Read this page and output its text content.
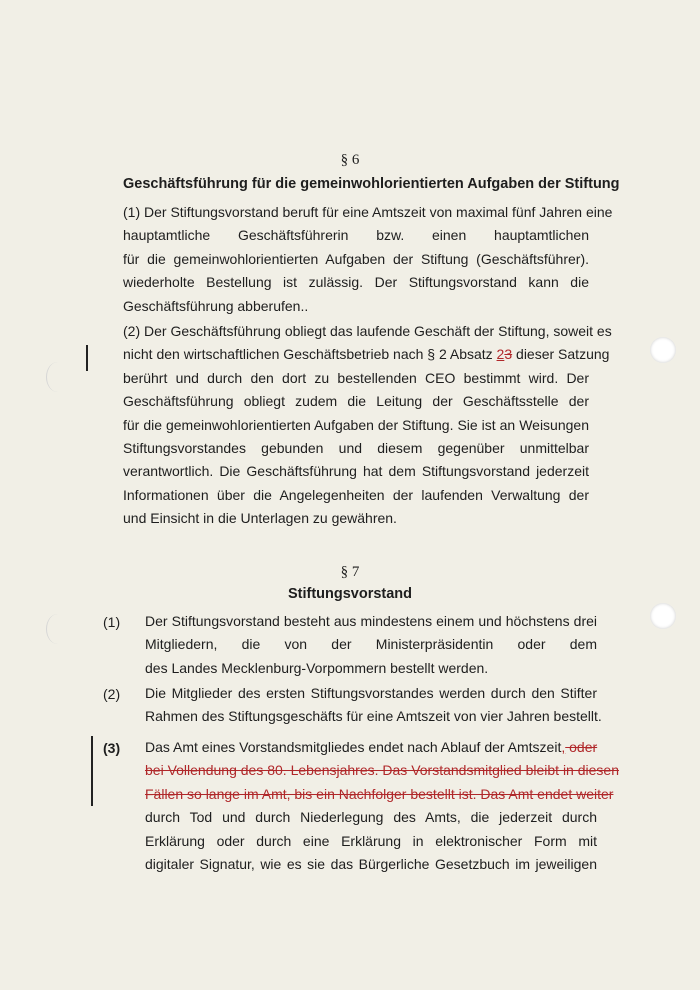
§ 6
Geschäftsführung für die gemeinwohlorientierten Aufgaben der Stiftung
(1) Der Stiftungsvorstand beruft für eine Amtszeit von maximal fünf Jahren eine
hauptamtliche Geschäftsführerin bzw. einen hauptamtlichen
für die gemeinwohlorientierten Aufgaben der Stiftung (Geschäftsführer).
wiederholte Bestellung ist zulässig. Der Stiftungsvorstand kann die
Geschäftsführung abberufen..
(2) Der Geschäftsführung obliegt das laufende Geschäft der Stiftung, soweit es
nicht den wirtschaftlichen Geschäftsbetrieb nach § 2 Absatz 23 dieser Satzung
berührt und durch den dort zu bestellenden CEO bestimmt wird. Der
Geschäftsführung obliegt zudem die Leitung der Geschäftsstelle der
für die gemeinwohlorientierten Aufgaben der Stiftung. Sie ist an Weisungen
Stiftungsvorstandes gebunden und diesem gegenüber unmittelbar
verantwortlich. Die Geschäftsführung hat dem Stiftungsvorstand jederzeit
Informationen über die Angelegenheiten der laufenden Verwaltung der
und Einsicht in die Unterlagen zu gewähren.
§ 7
Stiftungsvorstand
(1) Der Stiftungsvorstand besteht aus mindestens einem und höchstens drei
Mitgliedern, die von der Ministerpräsidentin oder dem
des Landes Mecklenburg-Vorpommern bestellt werden.
(2) Die Mitglieder des ersten Stiftungsvorstandes werden durch den Stifter
Rahmen des Stiftungsgeschäfts für eine Amtszeit von vier Jahren bestellt.
(3) Das Amt eines Vorstandsmitgliedes endet nach Ablauf der Amtszeit, oder
bei Vollendung des 80. Lebensjahres. Das Vorstandsmitglied bleibt in diesen
Fällen so lange im Amt, bis ein Nachfolger bestellt ist. Das Amt endet weiter
durch Tod und durch Niederlegung des Amts, die jederzeit durch
Erklärung oder durch eine Erklärung in elektronischer Form mit
digitaler Signatur, wie es sie das Bürgerliche Gesetzbuch im jeweiligen
